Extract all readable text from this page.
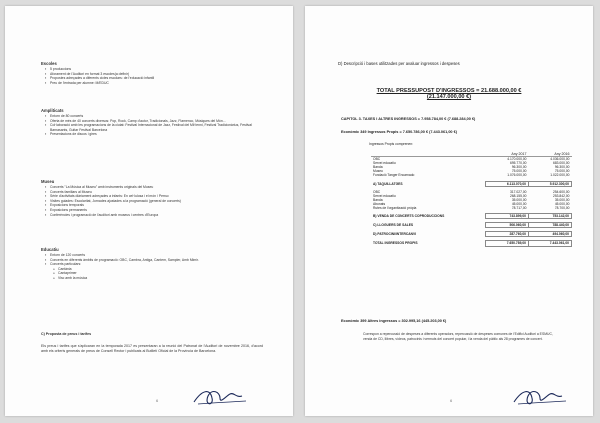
Escoles
▪ 5 produccions
▪ Aforament de l'Auditori en format 3 escoles(a definir)
▪ Propostes adreçades a diferents cicles escolars: de l'educació infantil
▪ Preu de l'entrada per alumne: M/EDUC
Ampliticats
▪ Entorn de 80 concerts
▪ Oferta de més de 40 concerts diversos: Pop, Rock, Camp d'autor, Tradicionals, Jazz, Flamenco, Músiques del Món...
▪ Col·laboració amb les programacions de la ciutat: Festival Internacional de Jazz, Festival del Mil·lenni, Festival Tradicionàrius, Festival Barnasants, Guitar Festival Barcelona
▪ Presentacions de discos i gires
Museu
▪ Concerts "La Música al Museu" amb instruments originals del Museu
▪ Concerts familiars al Museu
▪ Sèrie d'activitats diàriament adreçades a infants: En cel·lulosa i el món / Perruc
▪ Visites guiades: Escolaritat, Jornades ajustades a la programació (general de concerts)
▪ Exposicions temporals
▪ Exposicions permanents
▪ Conferències i programació de l'auditori amb museus i centres d'Europa
Educatiu
▪ Entorn de 120 concerts
▪ Concerts en diferents àmbits de programació: OBC, Cambra, Antiga, Cantem, Sampler, Amb Mimir.
▪ Concerts particulars:
o Cantània
o Cantaprimer
o Visc amb la música
C) Proposta de preus i tarifes
Els preus i tarifes que s'aplicaran en la temporada 2017 es presentaran a la reunió del Patronat de l'Auditori de novembre 2016, d'acord amb els criteris generals de preus de Consell Rector i publicats al Butlletí Oficial de la Província de Barcelona.
6
D) Descripció i bases utilitzades per avaluar ingressos i despeses
TOTAL PRESSUPOST D'INGRESSOS = 21.688.000,00 €
(21.147.000,00 €)
CAPITOL 3. TAXES I ALTRES INGRESSOS = 7.958.784,00 € (7.688.284,00 €)
Econòmic 349 Ingressos Propis = 7.650.786,00 € (7.443.061,00 €)
Ingressos Propis comprenen:
	Any 2017	Any 2016
OBC	4.170.000,00	4.036.000,00
Servei educatiu	695.770,00	683.000,00
Banda	96.300,00	96.300,00
Museu	75.000,00	75.000,00
Fundació Tanger Encarnado	1.076.000,00	1.022.000,00

A) TAQUILLATGES	6.113.070,00	5.912.300,00

OBC	317.027,00	254.600,00
Servei educatiu	268.155,00	253.842,00
Banda	35.000,00	35.000,00
Abonats	45.000,00	45.000,00
Rutes de l'organització pròpia	78.717,00	78.700,00

B) VENDA DE CONCERTS COPRODUCCIONS	743.899,00	753.142,00

C) LLOGUERS DE SALES	506.060,00	788.440,00

D) PATROCINI/INTERCANVI	287.760,00	494.060,00

TOTAL INGRESSOS PROPIS	7.650.789,00	7.443.061,00
Econòmic 399 Altres ingressos = 302.995,16 (445.203,00 €)
Correspon a repercussió de despeses a diferents operadors, repercussió de despeses comunes de l'Edifici Auditori a ESMUC, venda de CD, llibres, vídeos, patrocinis i vermuts del concert popular, i la venda del públic als 28 programes de concert.
6
